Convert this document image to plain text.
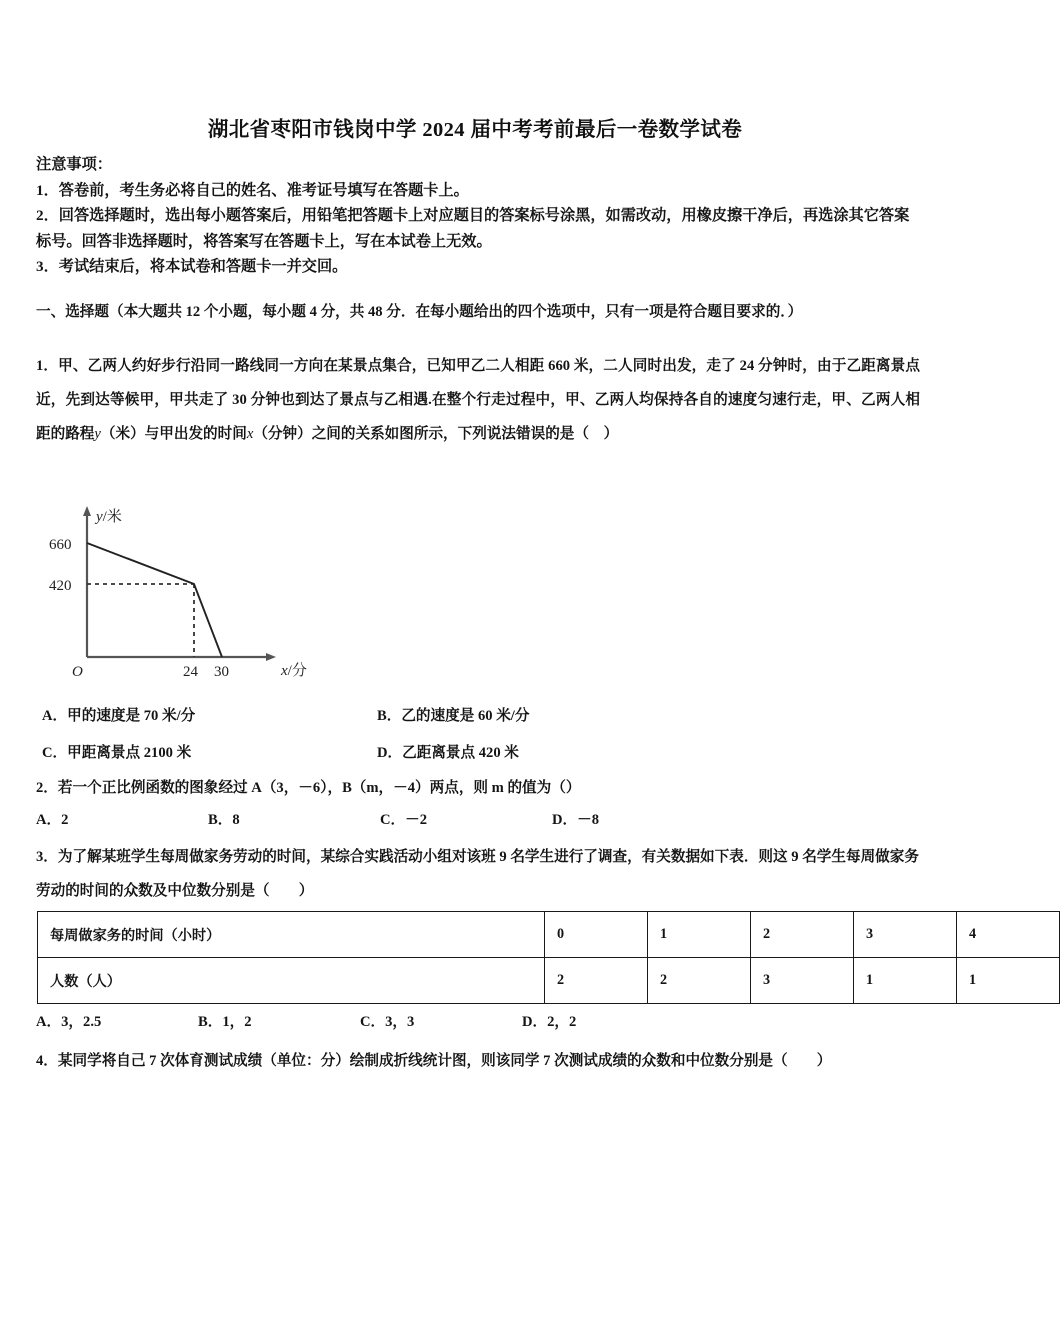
湖北省枣阳市钱岗中学 2024 届中考考前最后一卷数学试卷
注意事项：
1．答卷前，考生务必将自己的姓名、准考证号填写在答题卡上。
2．回答选择题时，选出每小题答案后，用铅笔把答题卡上对应题目的答案标号涂黑，如需改动，用橡皮擦干净后，再选涂其它答案标号。回答非选择题时，将答案写在答题卡上，写在本试卷上无效。
3．考试结束后，将本试卷和答题卡一并交回。
一、选择题（本大题共 12 个小题，每小题 4 分，共 48 分．在每小题给出的四个选项中，只有一项是符合题目要求的．）
1．甲、乙两人约好步行沿同一路线同一方向在某景点集合，已知甲乙二人相距 660 米，二人同时出发，走了 24 分钟时，由于乙距离景点近，先到达等候甲，甲共走了 30 分钟也到达了景点与乙相遇.在整个行走过程中，甲、乙两人均保持各自的速度匀速行走，甲、乙两人相距的路程y（米）与甲出发的时间x（分钟）之间的关系如图所示，下列说法错误的是（　）
y/米
x/分
660
420
24 30
O
A．甲的速度是 70 米/分	B．乙的速度是 60 米/分
C．甲距离景点 2100 米	D．乙距离景点 420 米
2．若一个正比例函数的图象经过 A（3，－6），B（m，－4）两点，则 m 的值为（）
A．2	B．8	C．－2	D．－8
3．为了解某班学生每周做家务劳动的时间，某综合实践活动小组对该班 9 名学生进行了调查，有关数据如下表．则这 9 名学生每周做家务劳动的时间的众数及中位数分别是（　　）
每周做家务的时间（小时）	0	1	2	3	4
人数（人）	2	2	3	1	1
A．3，2.5	B．1，2	C．3，3	D．2，2
4．某同学将自己 7 次体育测试成绩（单位：分）绘制成折线统计图，则该同学 7 次测试成绩的众数和中位数分别是（　　）
